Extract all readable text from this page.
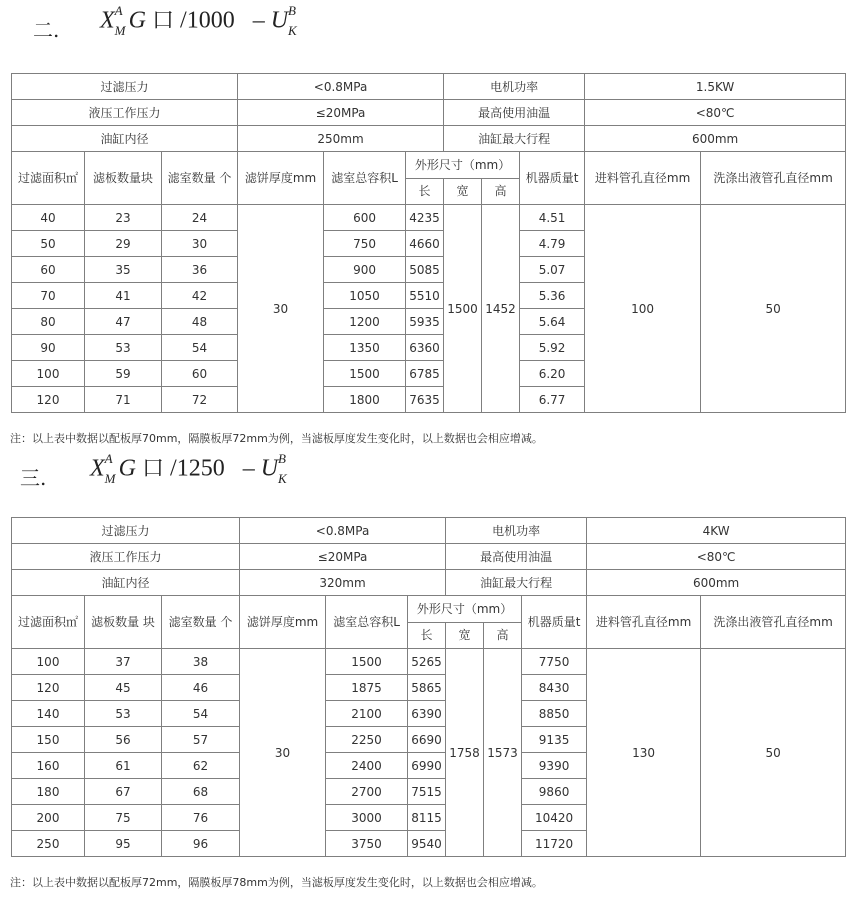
二. X A
M G 口 /1000 – U B
K
过滤压力			<0.8MPa			电机功率			1.5KW	
液压工作压力			≤20MPa			最高使用油温			<80℃	
油缸内径			250mm			油缸最大行程			600mm	
过滤面积㎡	滤板数量块	滤室数量 个	滤饼厚度mm	滤室总容积L	外形尺寸（mm）			机器质量t	进料管孔直径mm	洗涤出液管孔直径mm
					长	宽	高			
40	23	24	30	600	4235	1500	1452	4.51	100	50
50	29	30		750	4660			4.79		
60	35	36		900	5085			5.07		
70	41	42		1050	5510			5.36		
80	47	48		1200	5935			5.64		
90	53	54		1350	6360			5.92		
100	59	60		1500	6785			6.20		
120	71	72		1800	7635			6.77		
注：以上表中数据以配板厚70mm，隔膜板厚72mm为例，当滤板厚度发生变化时，以上数据也会相应增减。
三. X A
M G 口 /1250 – U B
K
过滤压力			<0.8MPa			电机功率			4KW	
液压工作压力			≤20MPa			最高使用油温			<80℃	
油缸内径			320mm			油缸最大行程			600mm	
过滤面积㎡	滤板数量 块	滤室数量 个	滤饼厚度mm	滤室总容积L	外形尺寸（mm）			机器质量t	进料管孔直径mm	洗涤出液管孔直径mm
					长	宽	高			
100	37	38	30	1500	5265	1758	1573	7750	130	50
120	45	46		1875	5865			8430		
140	53	54		2100	6390			8850		
150	56	57		2250	6690			9135		
160	61	62		2400	6990			9390		
180	67	68		2700	7515			9860		
200	75	76		3000	8115			10420		
250	95	96		3750	9540			11720		
注：以上表中数据以配板厚72mm，隔膜板厚78mm为例，当滤板厚度发生变化时，以上数据也会相应增减。
